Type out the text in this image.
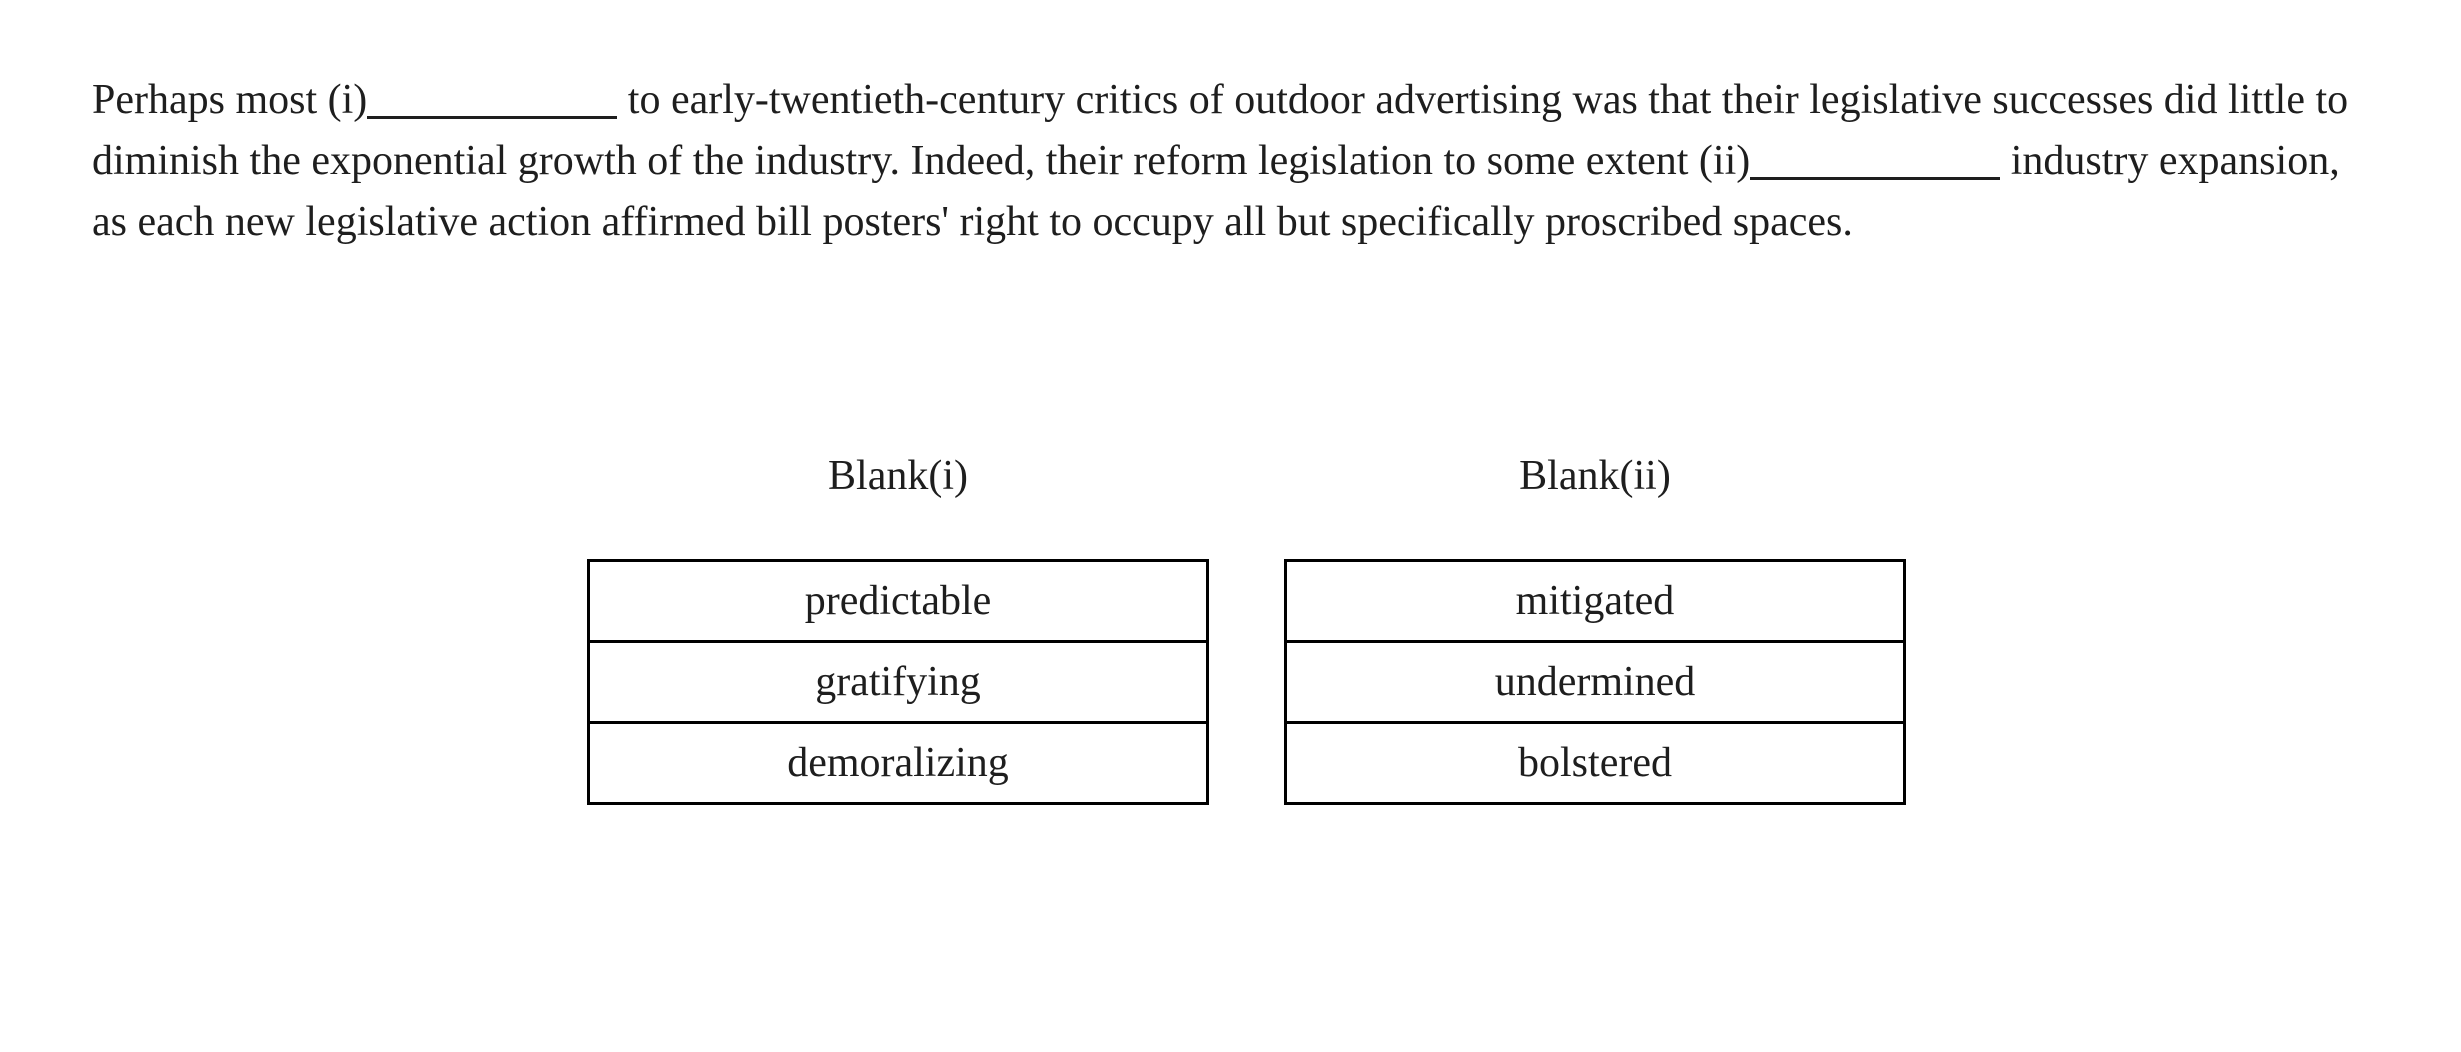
Perhaps most (i)	to early-twentieth-century critics of outdoor advertising was that their legislative successes did little to
diminish the exponential growth of the industry. Indeed, their reform legislation to some extent (ii)	industry expansion,
as each new legislative action affirmed bill posters' right to occupy all but specifically proscribed spaces.
Blank(i)
predictable
gratifying
demoralizing
Blank(ii)
mitigated
undermined
bolstered
